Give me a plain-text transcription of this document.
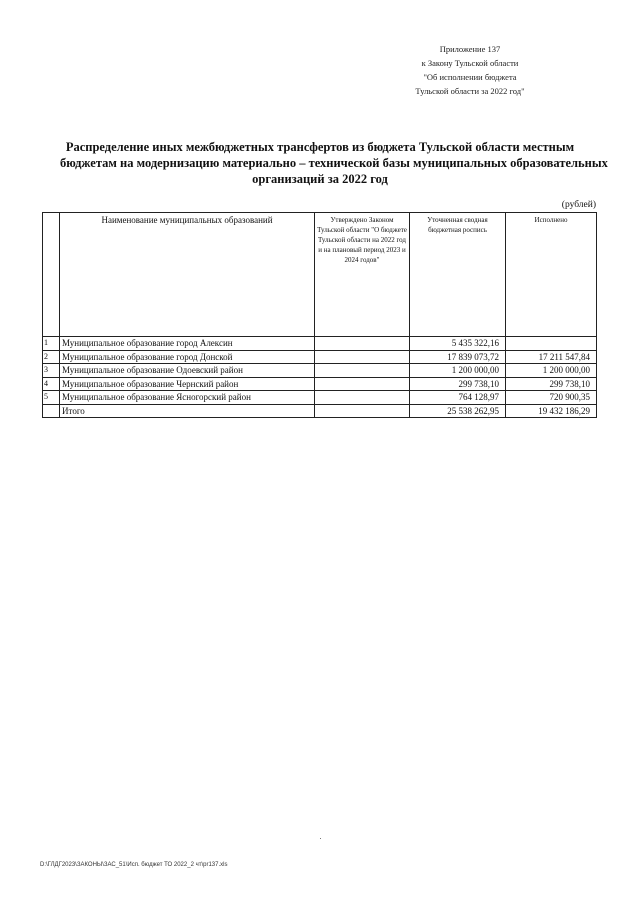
Приложение 137
к Закону Тульской области
"Об исполнении бюджета
Тульской области за 2022 год"
Распределение иных межбюджетных трансфертов из бюджета Тульской области местным
бюджетам на модернизацию материально – технической базы муниципальных образовательных
организаций за 2022 год
(рублей)
	Наименование муниципальных образований	Утверждено Законом Тульской области "О бюджете Тульской области на 2022 год и на плановый период 2023 и 2024 годов"	Уточненная сводная бюджетная роспись	Исполнено
1	Муниципальное образование город Алексин		5 435 322,16	
2	Муниципальное образование город Донской		17 839 073,72	17 211 547,84
3	Муниципальное образование Одоевский район		1 200 000,00	1 200 000,00
4	Муниципальное образование Чернский район		299 738,10	299 738,10
5	Муниципальное образование Ясногорский район		764 128,97	720 900,35
	Итого		25 538 262,95	19 432 186,29
D:\ГЛДГ2023\ЗАКОНЫ\ЗАС_51\Исп. бюджет ТО 2022_2 чт\pr137.xls
